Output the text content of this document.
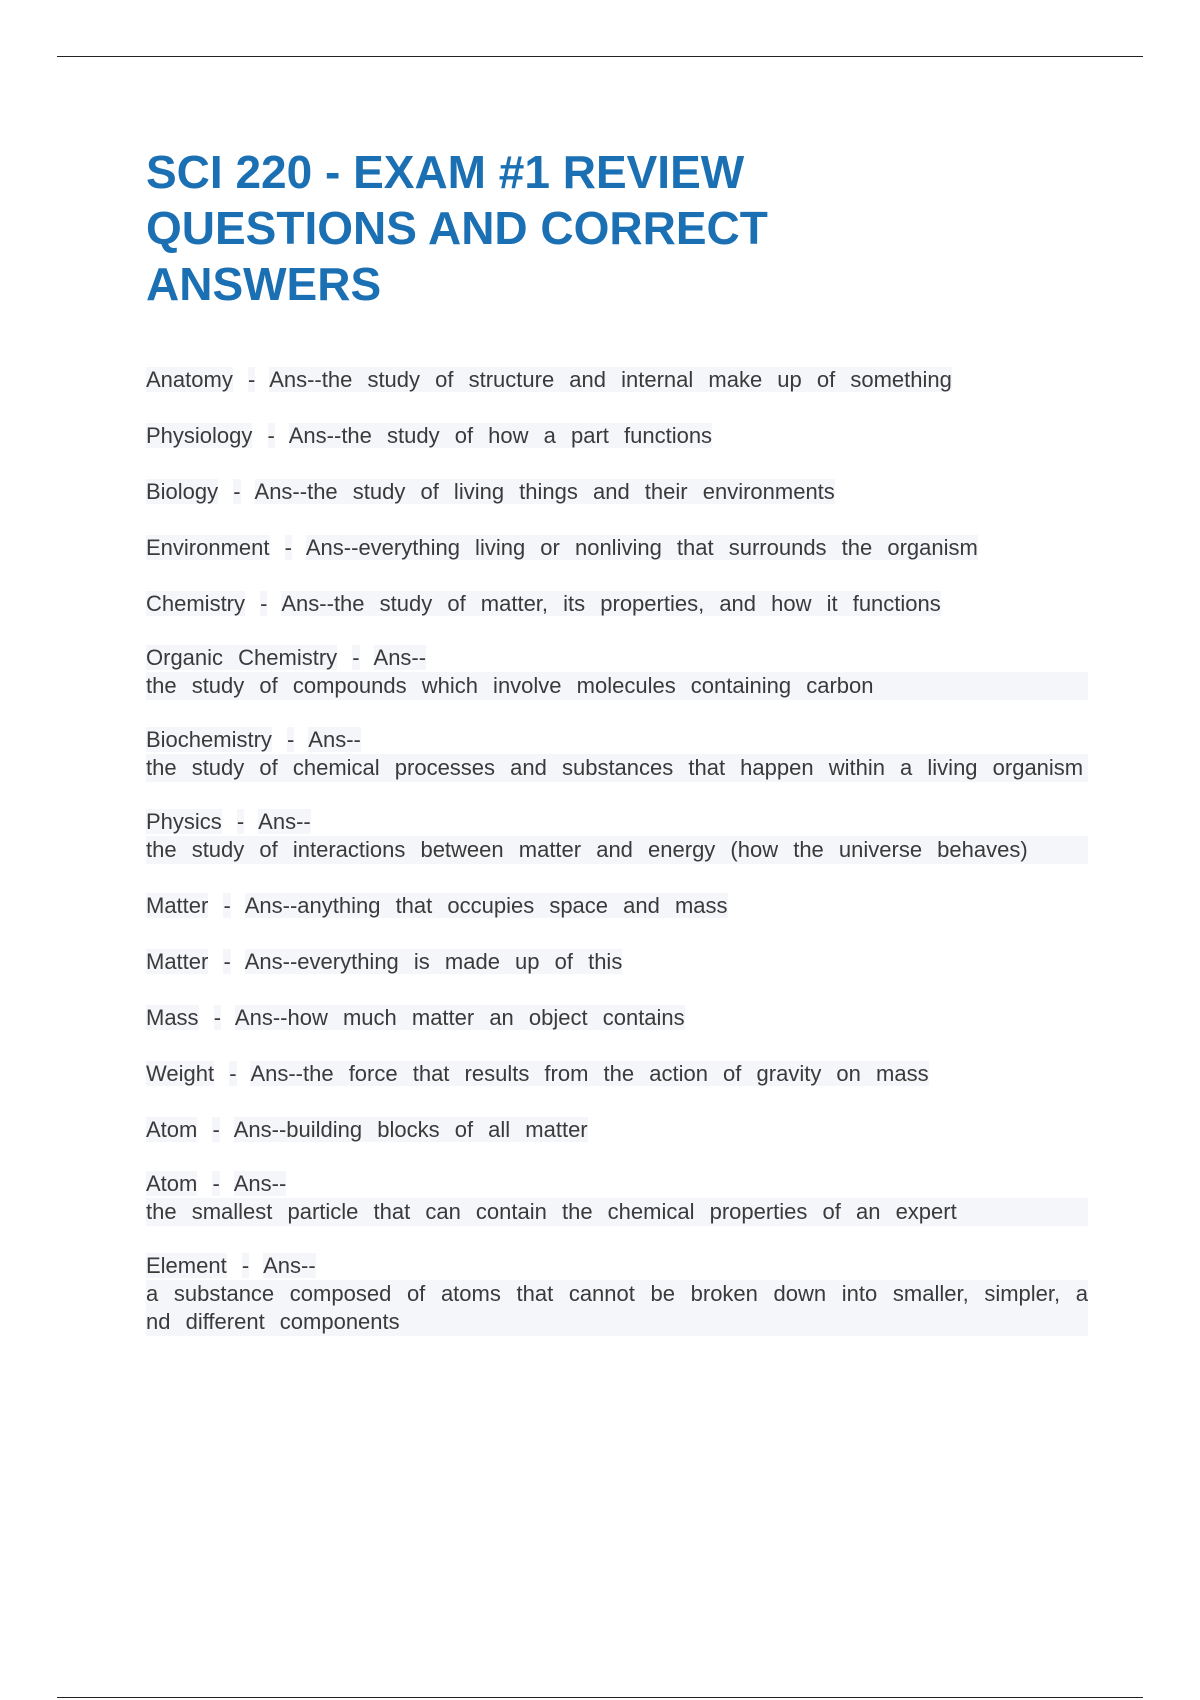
SCI 220 - EXAM #1 REVIEW
QUESTIONS AND CORRECT
ANSWERS
Anatomy - Ans--the study of structure and internal make up of something
Physiology - Ans--the study of how a part functions
Biology - Ans--the study of living things and their environments
Environment - Ans--everything living or nonliving that surrounds the organism
Chemistry - Ans--the study of matter, its properties, and how it functions
Organic Chemistry - Ans--
the study of compounds which involve molecules containing carbon
Biochemistry - Ans--
the study of chemical processes and substances that happen within a living organism
Physics - Ans--
the study of interactions between matter and energy (how the universe behaves)
Matter - Ans--anything that occupies space and mass
Matter - Ans--everything is made up of this
Mass - Ans--how much matter an object contains
Weight - Ans--the force that results from the action of gravity on mass
Atom - Ans--building blocks of all matter
Atom - Ans--
the smallest particle that can contain the chemical properties of an expert
Element - Ans--
a substance composed of atoms that cannot be broken down into smaller, simpler, and different components
